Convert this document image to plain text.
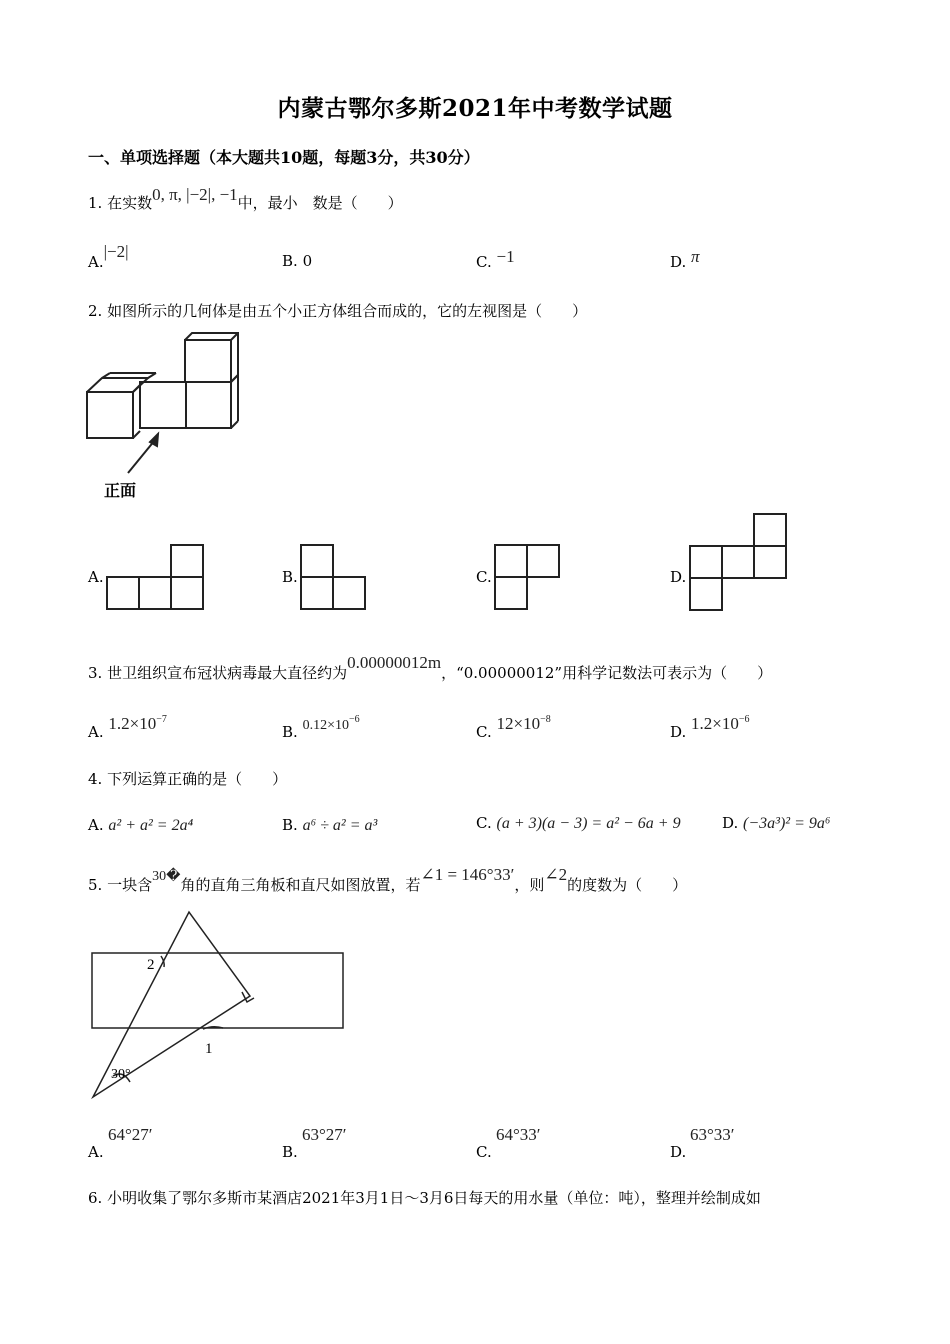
内蒙古鄂尔多斯2021年中考数学试题
一、单项选择题（本大题共10题，每题3分，共30分）
1. 在实数0, π, |−2|, −1中，最小　数是（　　）
A.|−2|	B. 0	C. −1	D. π
2. 如图所示的几何体是由五个小正方体组合而成的，它的左视图是（　　）
正面
A.	B.	C.	D.
3. 世卫组织宣布冠状病毒最大直径约为0.00000012m，“0.00000012”用科学记数法可表示为（　　）
A. $1.2\times 10^{-7}$
B. $0.12\times 10^{-6}$
C. $12\times 10^{-8}$
D. $1.2\times 10^{-6}$
4. 下列运算正确的是（　　）
A. a² + a² = 2a⁴	B. a⁶ ÷ a² = a³	C. (a + 3)(a − 3) = a² − 6a + 9	D. (−3a³)² = 9a⁶
5. 一块含30�角的直角三角板和直尺如图放置，若∠1 = 146°33′，则∠2的度数为（　　）
1
2
30°
A.
64°27′
B.
63°27′
C.
64°33′
D.
63°33′
6. 小明收集了鄂尔多斯市某酒店2021年3月1日～3月6日每天的用水量（单位：吨），整理并绘制成如
